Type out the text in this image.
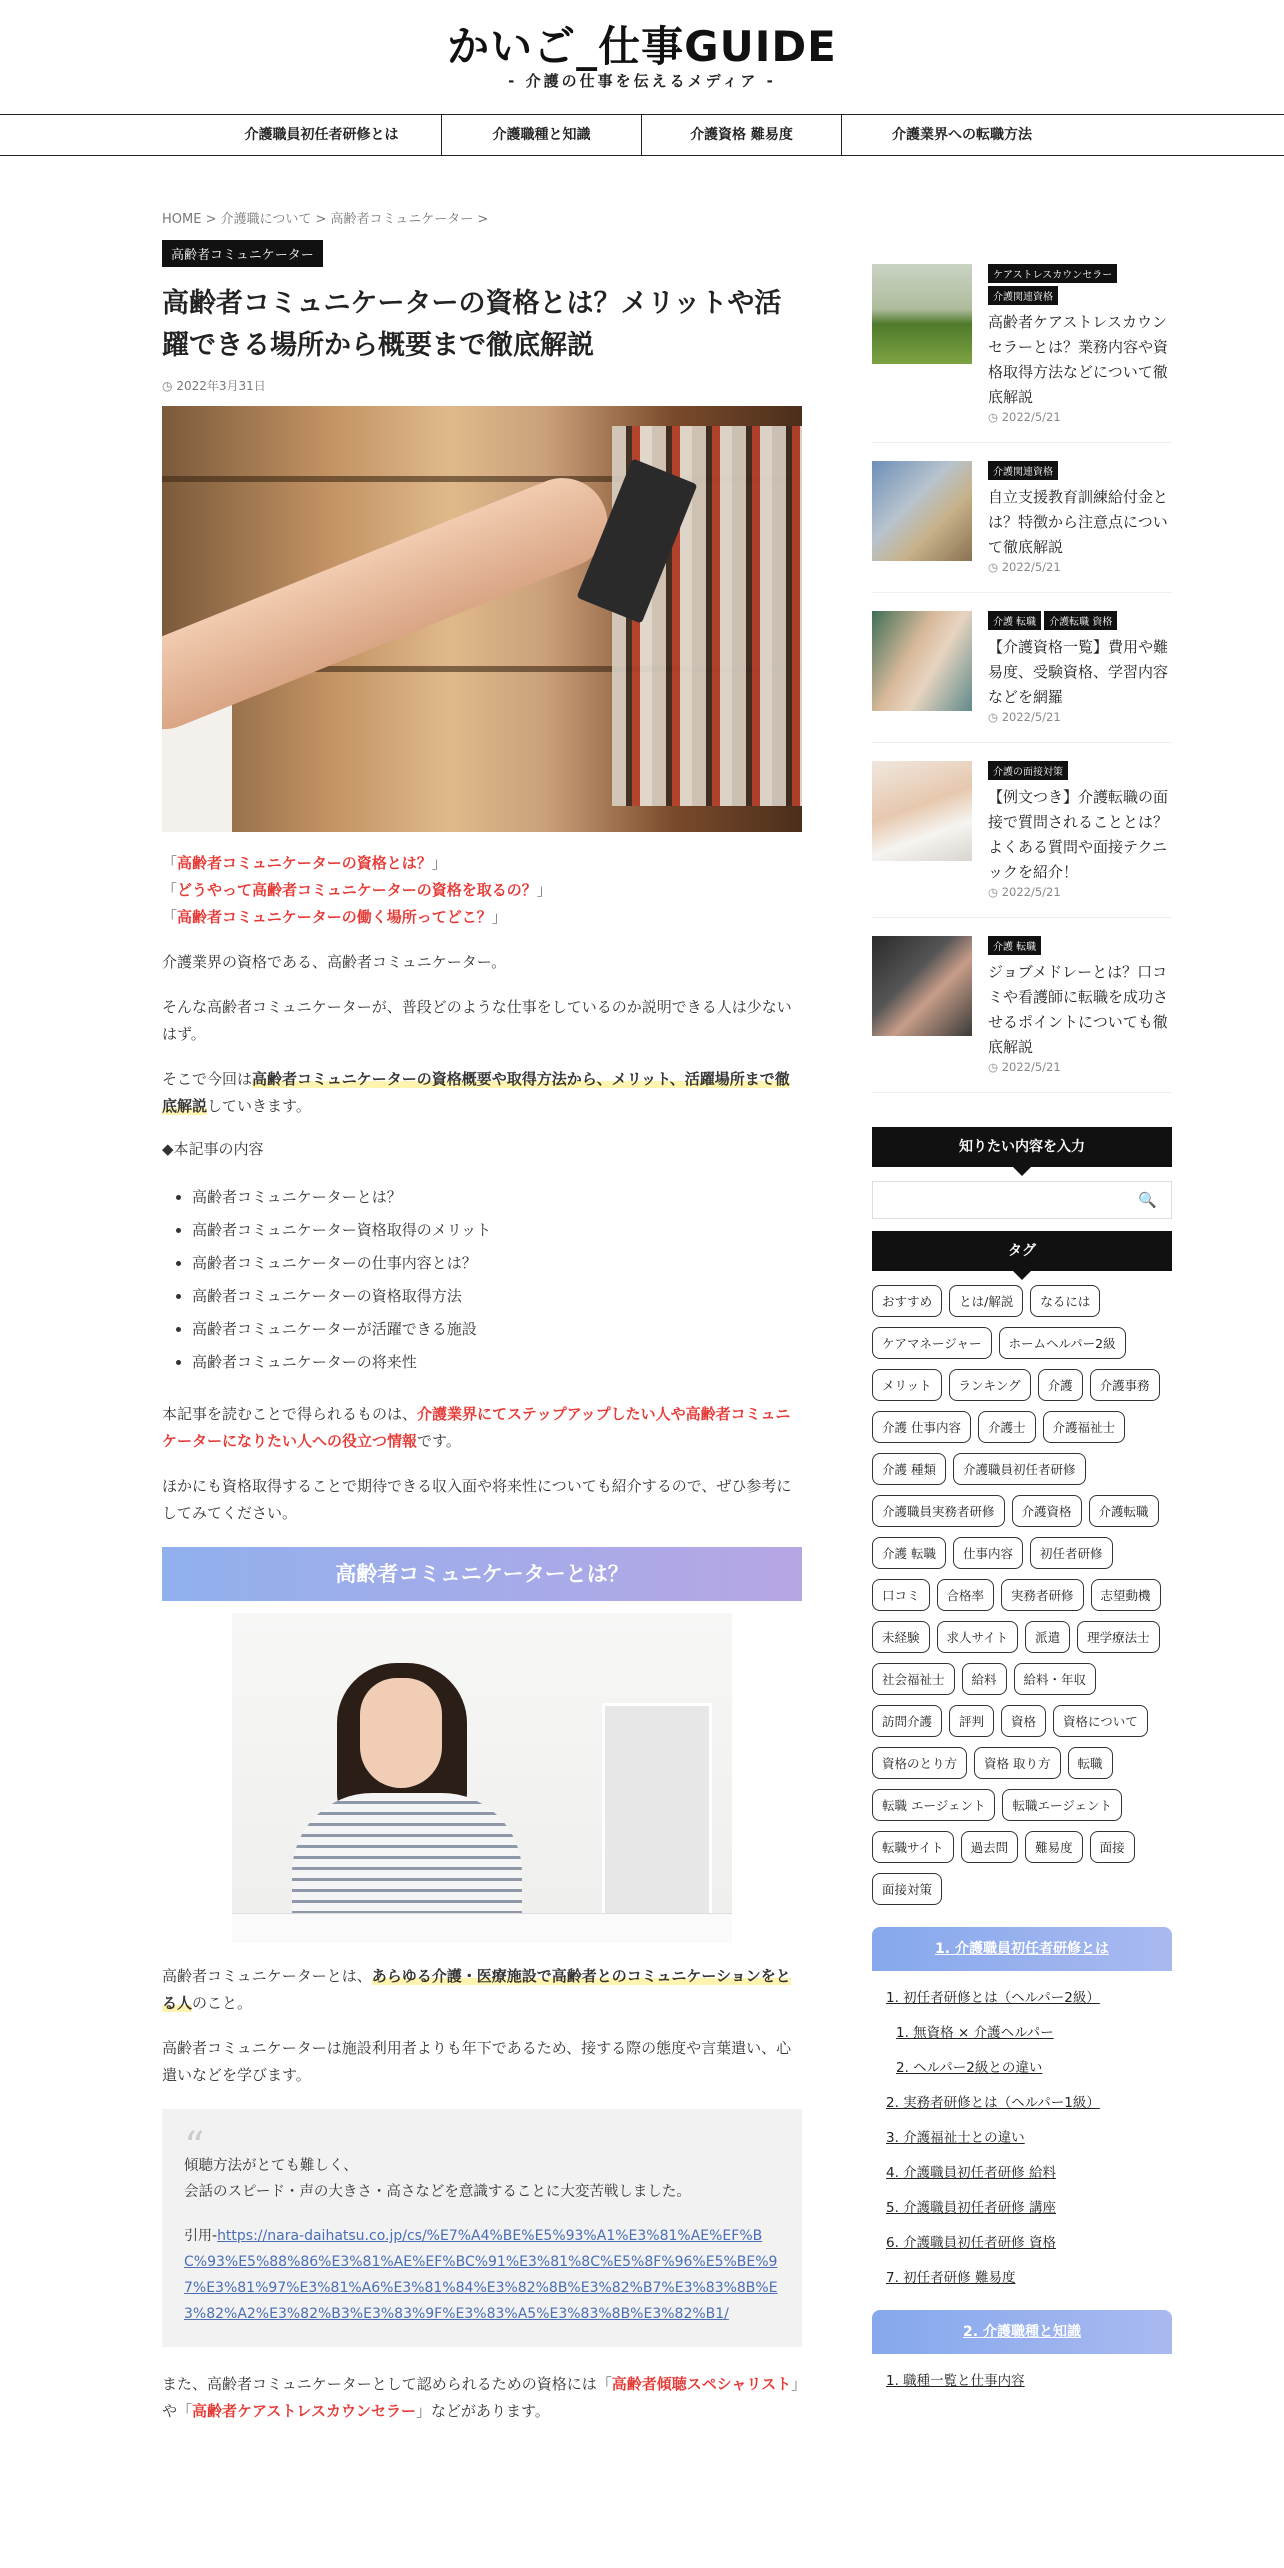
かいご_仕事GUIDE
- 介護の仕事を伝えるメディア -
介護職員初任者研修とは	介護職種と知識	介護資格 難易度	介護業界への転職方法
HOME > 介護職について > 高齢者コミュニケーター >
高齢者コミュニケーター
高齢者コミュニケーターの資格とは？メリットや活躍できる場所から概要まで徹底解説
◷ 2022年3月31日
「高齢者コミュニケーターの資格とは？」
「どうやって高齢者コミュニケーターの資格を取るの？」
「高齢者コミュニケーターの働く場所ってどこ？」

介護業界の資格である、高齢者コミュニケーター。

そんな高齢者コミュニケーターが、普段どのような仕事をしているのか説明できる人は少ないはず。

そこで今回は高齢者コミュニケーターの資格概要や取得方法から、メリット、活躍場所まで徹底解説していきます。

◆本記事の内容
• 高齢者コミュニケーターとは？
• 高齢者コミュニケーター資格取得のメリット
• 高齢者コミュニケーターの仕事内容とは？
• 高齢者コミュニケーターの資格取得方法
• 高齢者コミュニケーターが活躍できる施設
• 高齢者コミュニケーターの将来性

本記事を読むことで得られるものは、介護業界にてステップアップしたい人や高齢者コミュニケーターになりたい人への役立つ情報です。

ほかにも資格取得することで期待できる収入面や将来性についても紹介するので、ぜひ参考にしてみてください。

高齢者コミュニケーターとは？

高齢者コミュニケーターとは、あらゆる介護・医療施設で高齢者とのコミュニケーションをとる人のこと。

高齢者コミュニケーターは施設利用者よりも年下であるため、接する際の態度や言葉遣い、心遣いなどを学びます。

“
傾聴方法がとても難しく、
会話のスピード・声の大きさ・高さなどを意識することに大変苦戦しました。
引用-https://nara-daihatsu.co.jp/cs/%E7%A4%BE%E5%93%A1%E3%81%AE%EF%BC%93%E5%88%86%E3%81%AE%EF%BC%91%E3%81%8C%E5%8F%96%E5%BE%97%E3%81%97%E3%81%A6%E3%81%84%E3%82%8B%E3%82%B7%E3%83%8B%E3%82%A2%E3%82%B3%E3%83%9F%E3%83%A5%E3%83%8B%E3%82%B1/

また、高齢者コミュニケーターとして認められるための資格には「高齢者傾聴スペシャリスト」や「高齢者ケアストレスカウンセラー」などがあります。

ケアストレスカウンセラー
介護関連資格
高齢者ケアストレスカウンセラーとは？業務内容や資格取得方法などについて徹底解説
◷ 2022/5/21
介護関連資格
自立支援教育訓練給付金とは？特徴から注意点について徹底解説
◷ 2022/5/21
介護 転職	介護転職 資格
【介護資格一覧】費用や難易度、受験資格、学習内容などを網羅
◷ 2022/5/21
介護の面接対策
【例文つき】介護転職の面接で質問されることとは？よくある質問や面接テクニックを紹介！
◷ 2022/5/21
介護 転職
ジョブメドレーとは？口コミや看護師に転職を成功させるポイントについても徹底解説
◷ 2022/5/21
知りたい内容を入力
🔍
タグ
おすすめ	とは/解説	なるには
ケアマネージャー	ホームヘルパー2級
メリット	ランキング	介護	介護事務
介護 仕事内容	介護士	介護福祉士
介護 種類	介護職員初任者研修
介護職員実務者研修	介護資格	介護転職
介護 転職	仕事内容	初任者研修
口コミ	合格率	実務者研修	志望動機
未経験	求人サイト	派遣	理学療法士
社会福祉士	給料	給料・年収
訪問介護	評判	資格	資格について
資格のとり方	資格 取り方	転職
転職 エージェント	転職エージェント
転職サイト	過去問	難易度	面接
面接対策
1. 介護職員初任者研修とは
1. 初任者研修とは（ヘルパー2級）
1. 無資格 × 介護ヘルパー
2. ヘルパー2級との違い
2. 実務者研修とは（ヘルパー1級）
3. 介護福祉士との違い
4. 介護職員初任者研修 給料
5. 介護職員初任者研修 講座
6. 介護職員初任者研修 資格
7. 初任者研修 難易度
2. 介護職種と知識
1. 職種一覧と仕事内容
